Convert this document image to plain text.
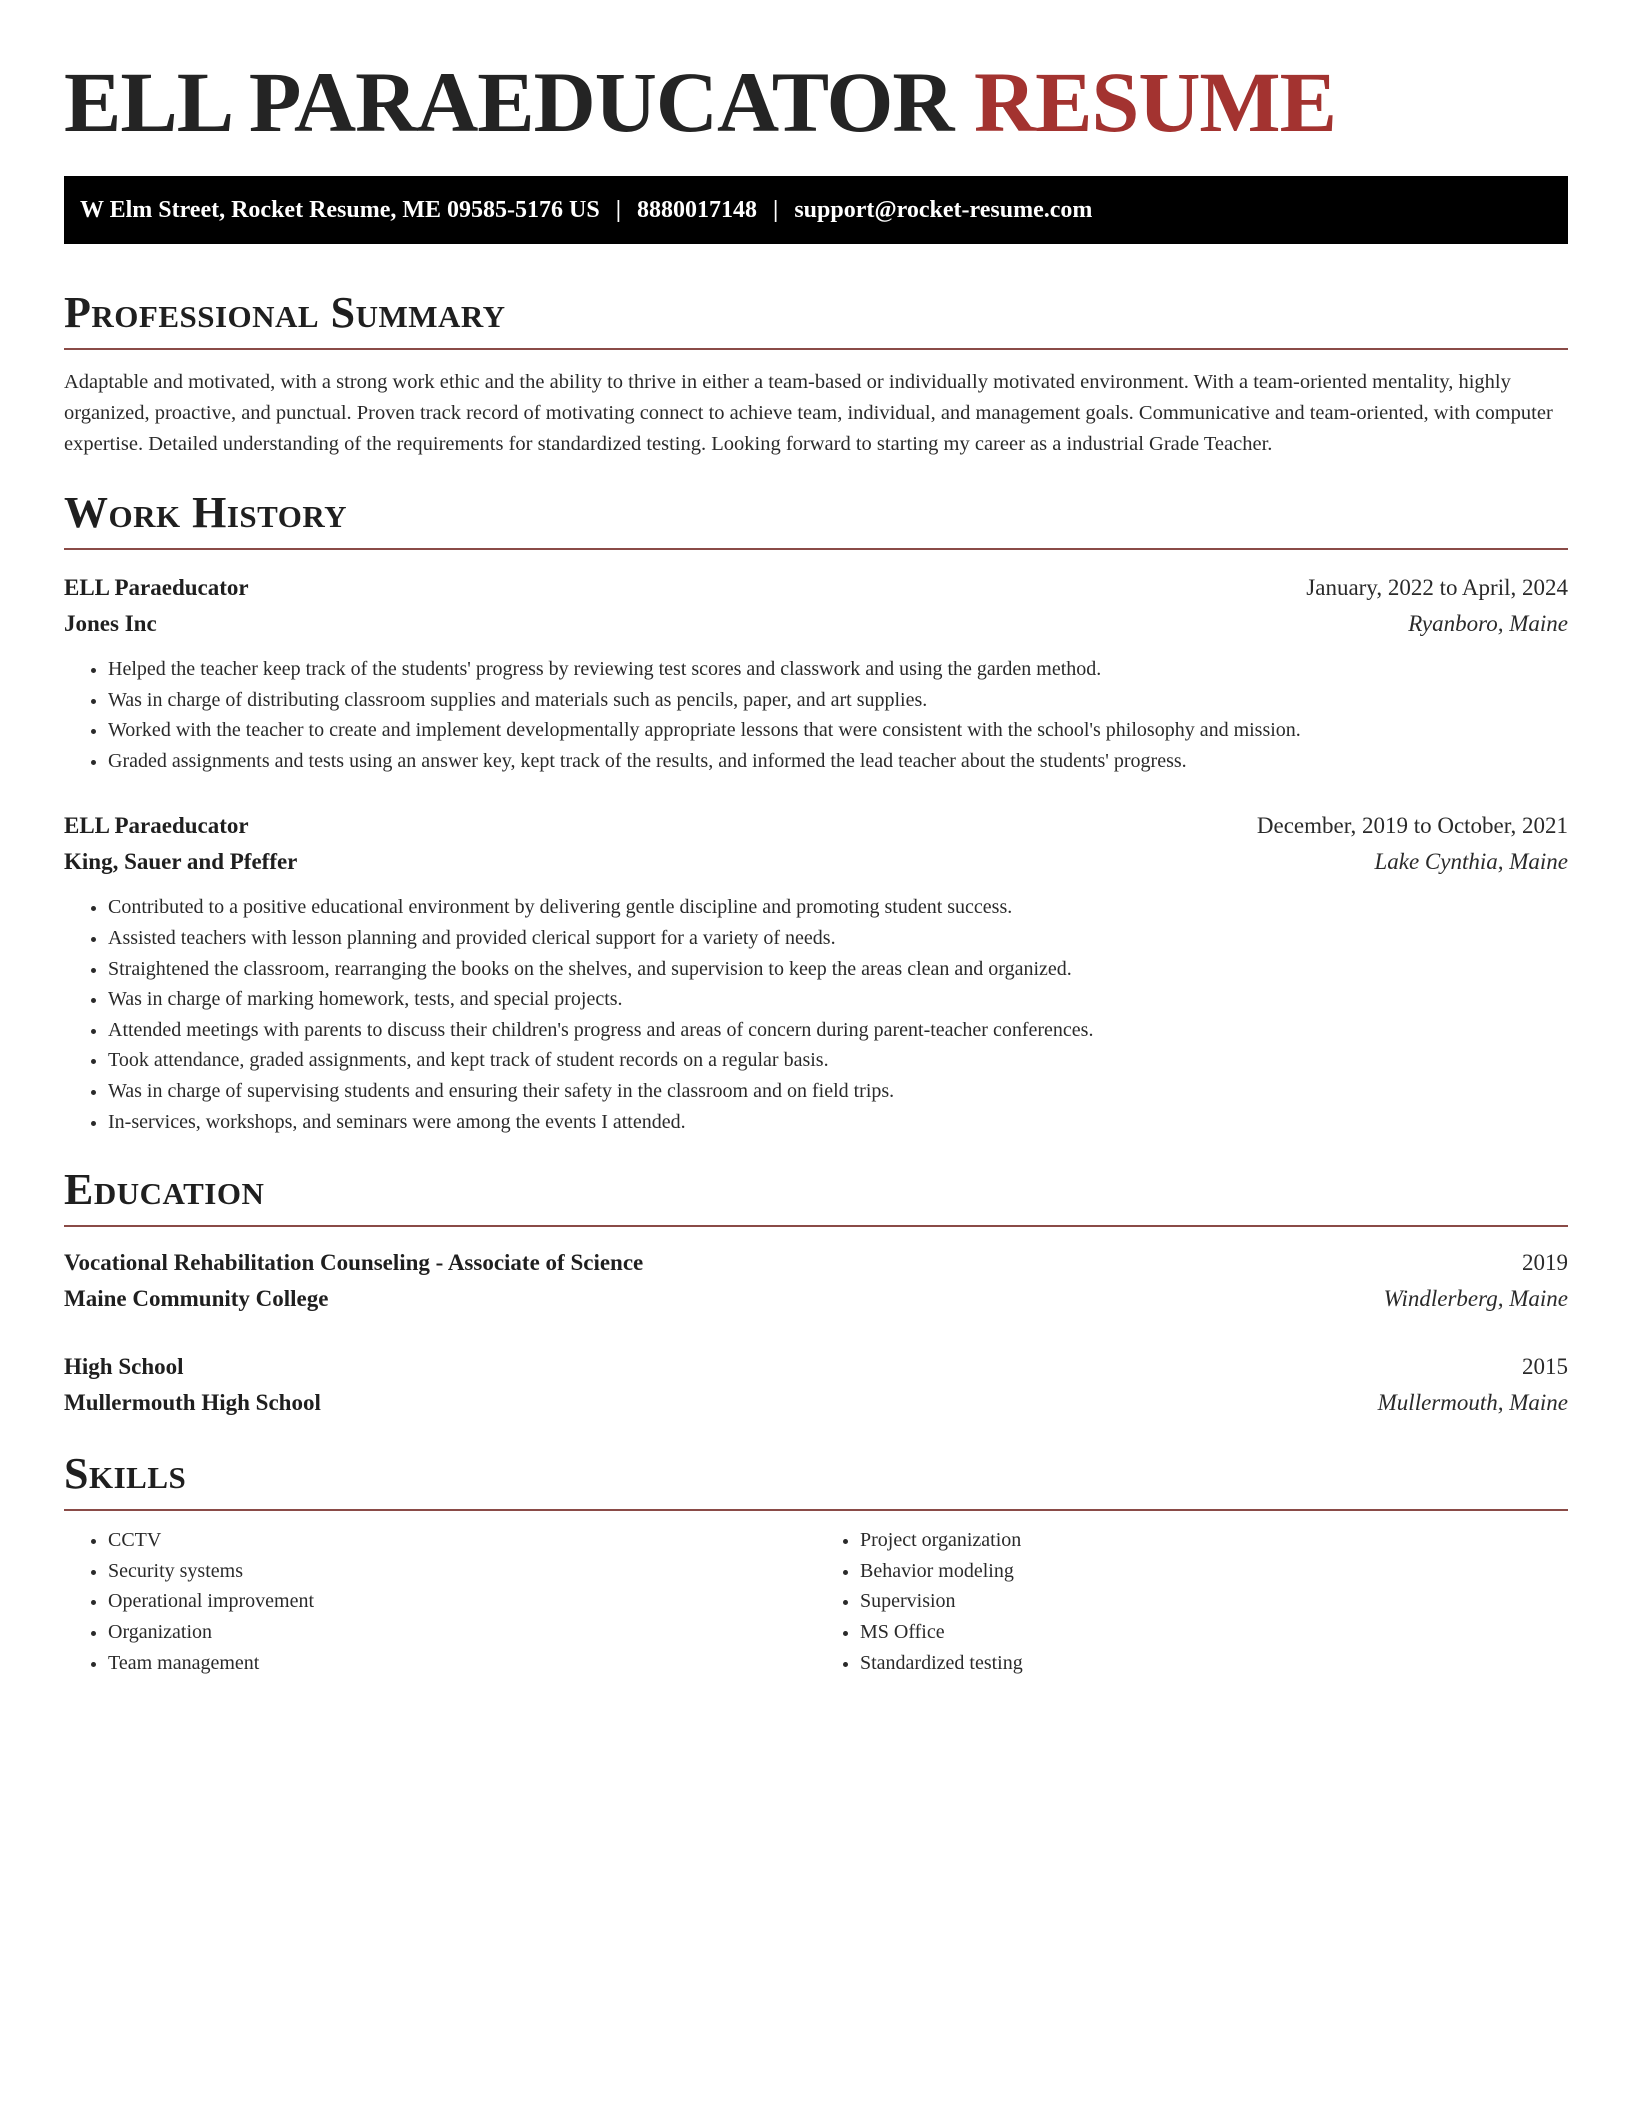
ELL PARAEDUCATOR RESUME
W Elm Street, Rocket Resume, ME 09585-5176 US | 8880017148 | support@rocket-resume.com
Professional Summary

Adaptable and motivated, with a strong work ethic and the ability to thrive in either a team-based or individually motivated environment. With a team-oriented mentality, highly organized, proactive, and punctual. Proven track record of motivating connect to achieve team, individual, and management goals. Communicative and team-oriented, with computer expertise. Detailed understanding of the requirements for standardized testing. Looking forward to starting my career as a industrial Grade Teacher.

Work History
ELL Paraeducator	January, 2022 to April, 2024
Jones Inc	Ryanboro, Maine
• Helped the teacher keep track of the students' progress by reviewing test scores and classwork and using the garden method.
• Was in charge of distributing classroom supplies and materials such as pencils, paper, and art supplies.
• Worked with the teacher to create and implement developmentally appropriate lessons that were consistent with the school's philosophy and mission.
• Graded assignments and tests using an answer key, kept track of the results, and informed the lead teacher about the students' progress.
ELL Paraeducator	December, 2019 to October, 2021
King, Sauer and Pfeffer	Lake Cynthia, Maine
• Contributed to a positive educational environment by delivering gentle discipline and promoting student success.
• Assisted teachers with lesson planning and provided clerical support for a variety of needs.
• Straightened the classroom, rearranging the books on the shelves, and supervision to keep the areas clean and organized.
• Was in charge of marking homework, tests, and special projects.
• Attended meetings with parents to discuss their children's progress and areas of concern during parent-teacher conferences.
• Took attendance, graded assignments, and kept track of student records on a regular basis.
• Was in charge of supervising students and ensuring their safety in the classroom and on field trips.
• In-services, workshops, and seminars were among the events I attended.
Education
Vocational Rehabilitation Counseling - Associate of Science	2019
Maine Community College	Windlerberg, Maine
High School	2015
Mullermouth High School	Mullermouth, Maine
Skills
• CCTV
• Security systems
• Operational improvement
• Organization
• Team management
• Project organization
• Behavior modeling
• Supervision
• MS Office
• Standardized testing
